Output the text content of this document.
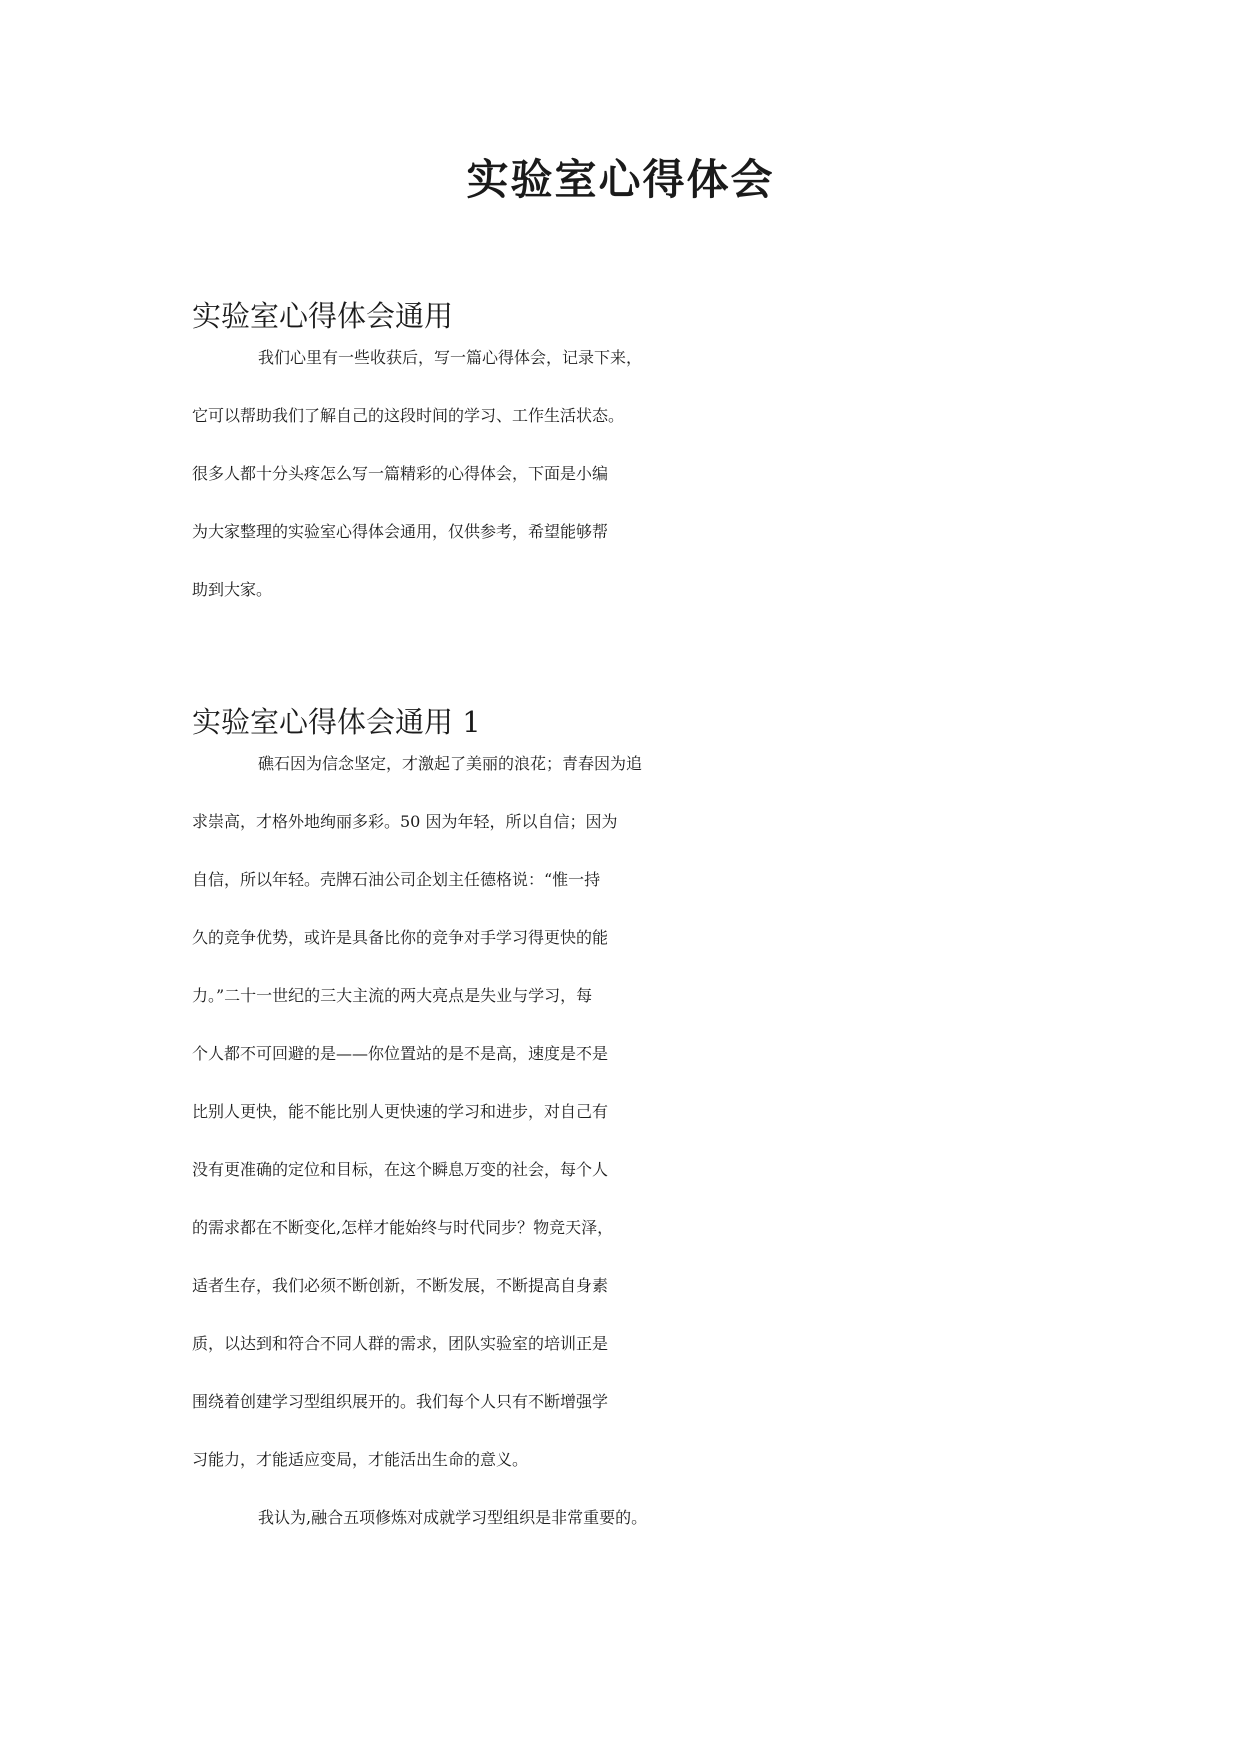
实验室心得体会

实验室心得体会通用

我们心里有一些收获后，写一篇心得体会，记录下来，
它可以帮助我们了解自己的这段时间的学习、工作生活状态。
很多人都十分头疼怎么写一篇精彩的心得体会，下面是小编
为大家整理的实验室心得体会通用，仅供参考，希望能够帮
助到大家。

实验室心得体会通用 1

礁石因为信念坚定，才激起了美丽的浪花；青春因为追
求崇高，才格外地绚丽多彩。50 因为年轻，所以自信；因为
自信，所以年轻。壳牌石油公司企划主任德格说：“惟一持
久的竞争优势，或许是具备比你的竞争对手学习得更快的能
力。”二十一世纪的三大主流的两大亮点是失业与学习，每
个人都不可回避的是——你位置站的是不是高，速度是不是
比别人更快，能不能比别人更快速的学习和进步，对自己有
没有更准确的定位和目标，在这个瞬息万变的社会，每个人
的需求都在不断变化,怎样才能始终与时代同步？物竞天泽，
适者生存，我们必须不断创新，不断发展，不断提高自身素
质，以达到和符合不同人群的需求，团队实验室的培训正是
围绕着创建学习型组织展开的。我们每个人只有不断增强学
习能力，才能适应变局，才能活出生命的意义。
我认为,融合五项修炼对成就学习型组织是非常重要的。
